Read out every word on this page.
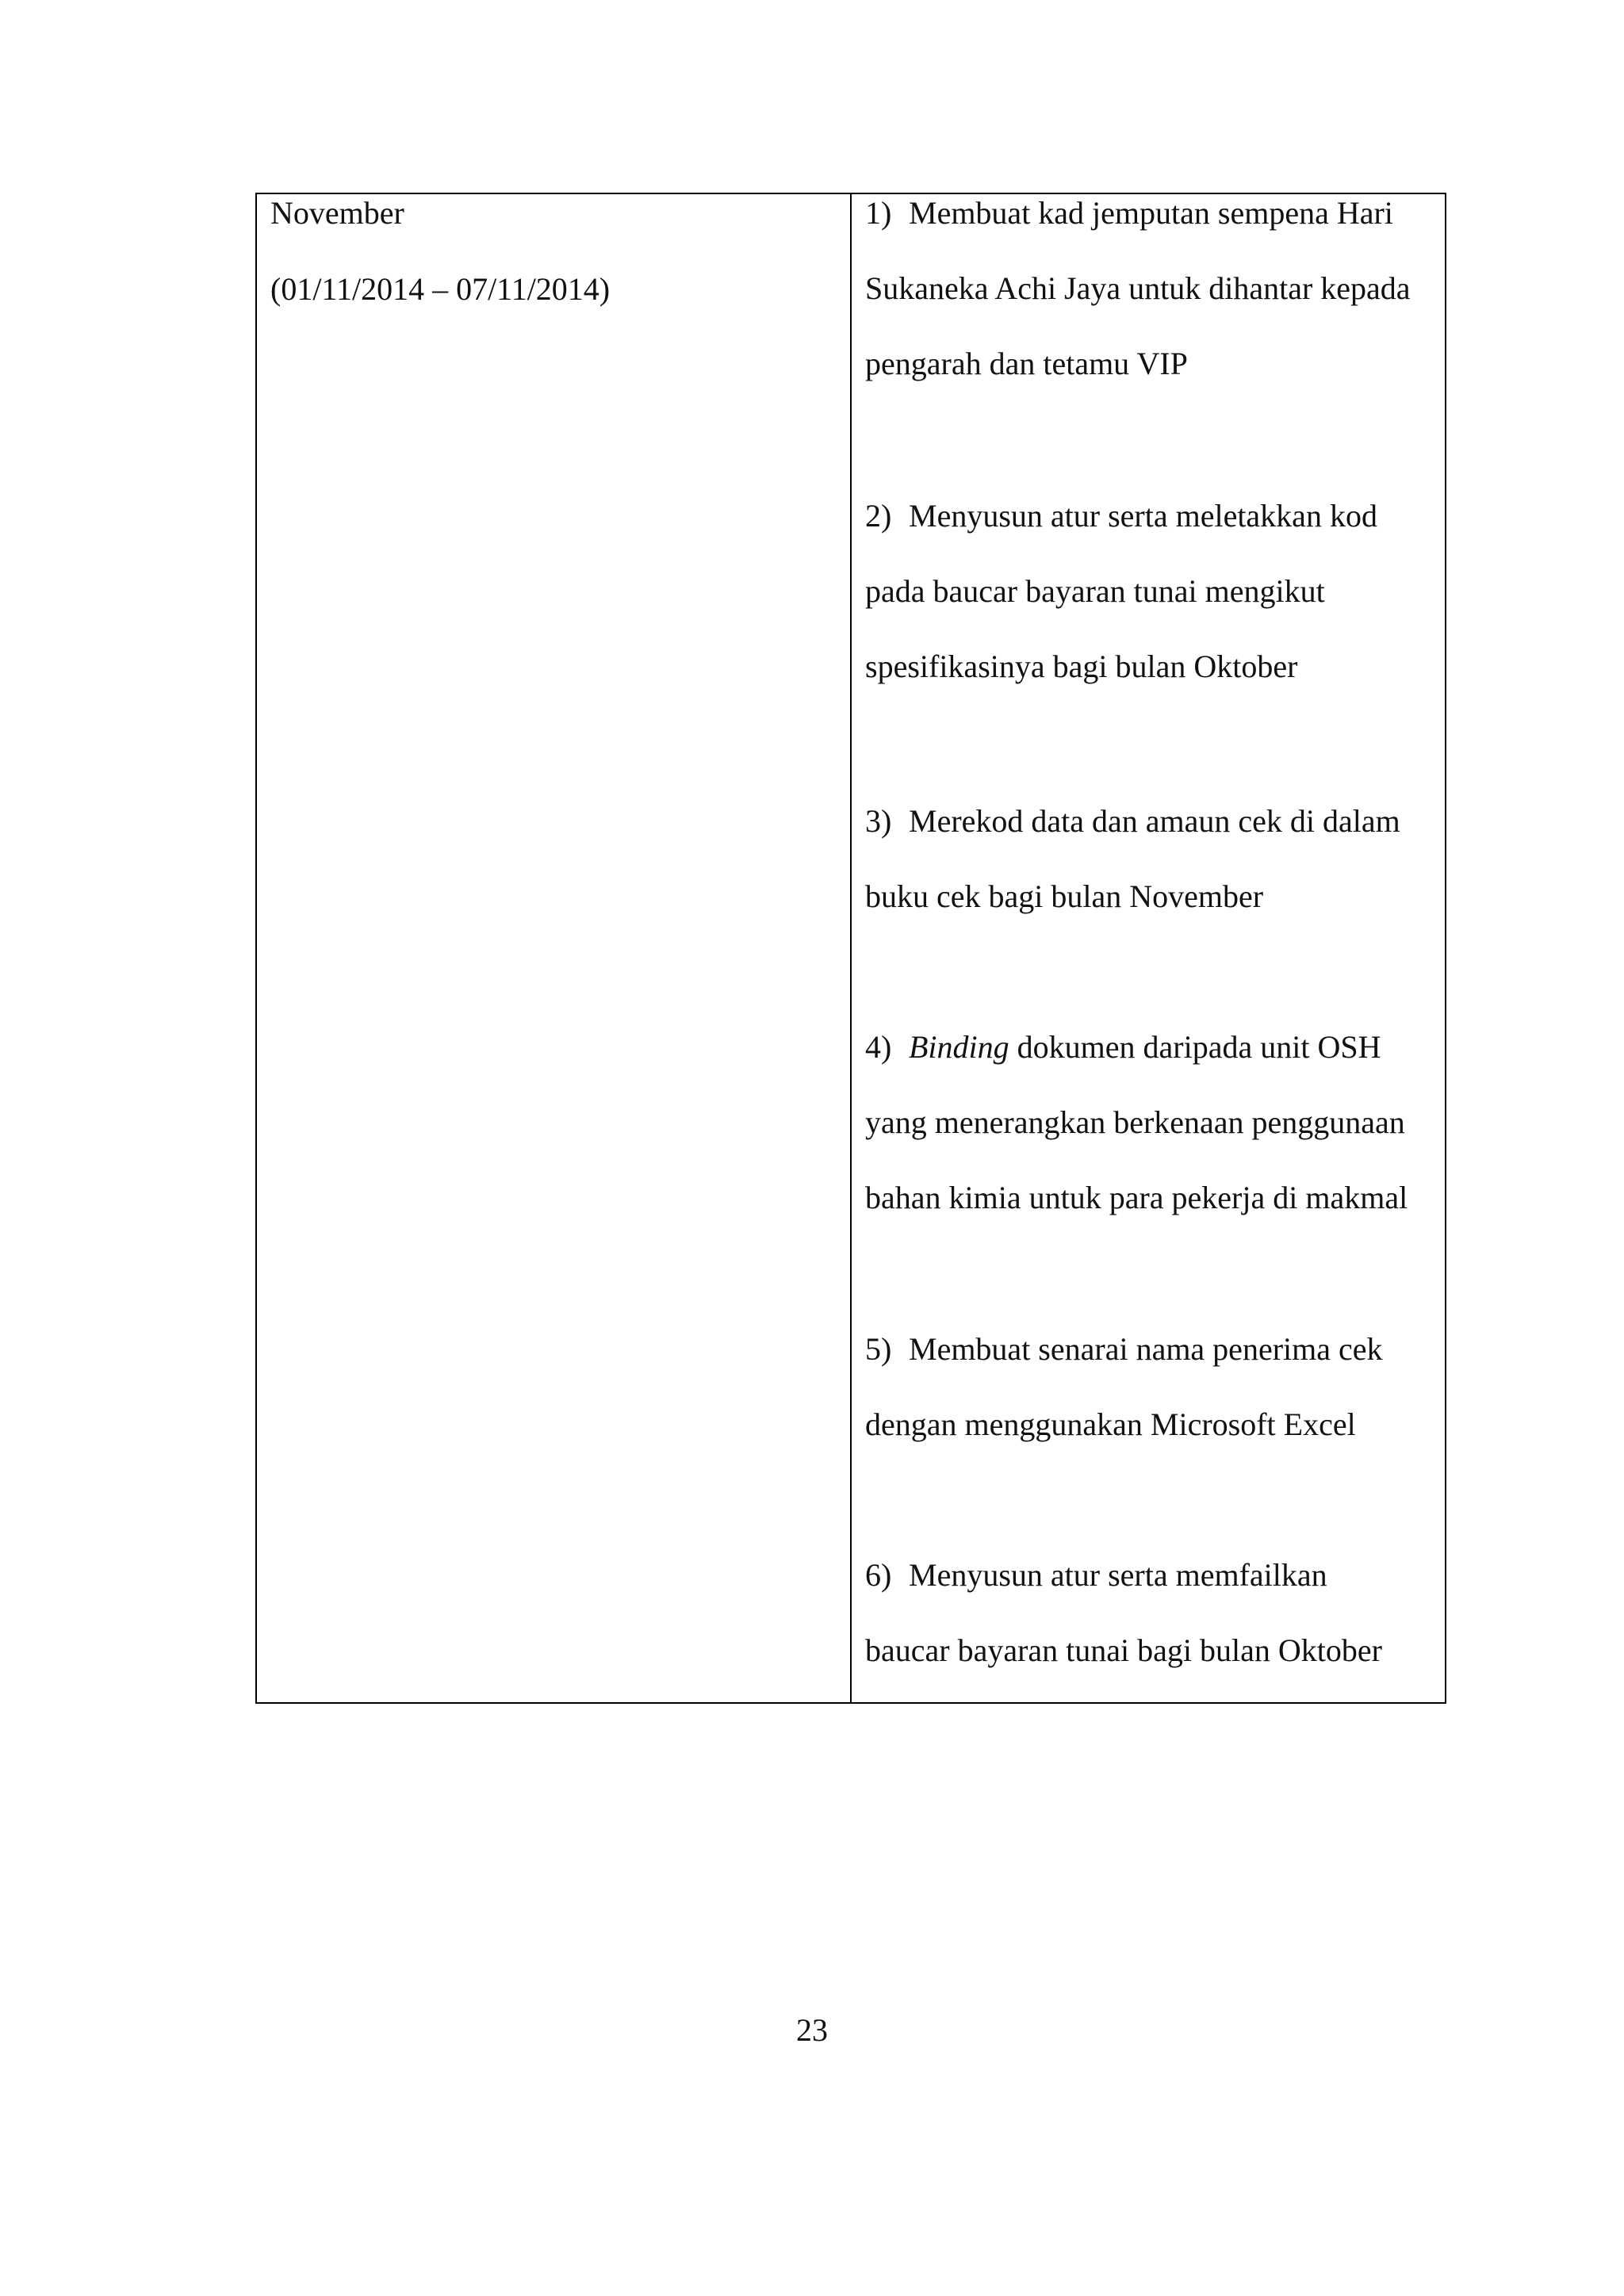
November

(01/11/2014 – 07/11/2014)

1) Membuat kad jemputan sempena Hari
Sukaneka Achi Jaya untuk dihantar kepada
pengarah dan tetamu VIP
2) Menyusun atur serta meletakkan kod
pada baucar bayaran tunai mengikut
spesifikasinya bagi bulan Oktober
3) Merekod data dan amaun cek di dalam
buku cek bagi bulan November
4) Binding dokumen daripada unit OSH
yang menerangkan berkenaan penggunaan
bahan kimia untuk para pekerja di makmal
5) Membuat senarai nama penerima cek
dengan menggunakan Microsoft Excel
6) Menyusun atur serta memfailkan
baucar bayaran tunai bagi bulan Oktober
23
